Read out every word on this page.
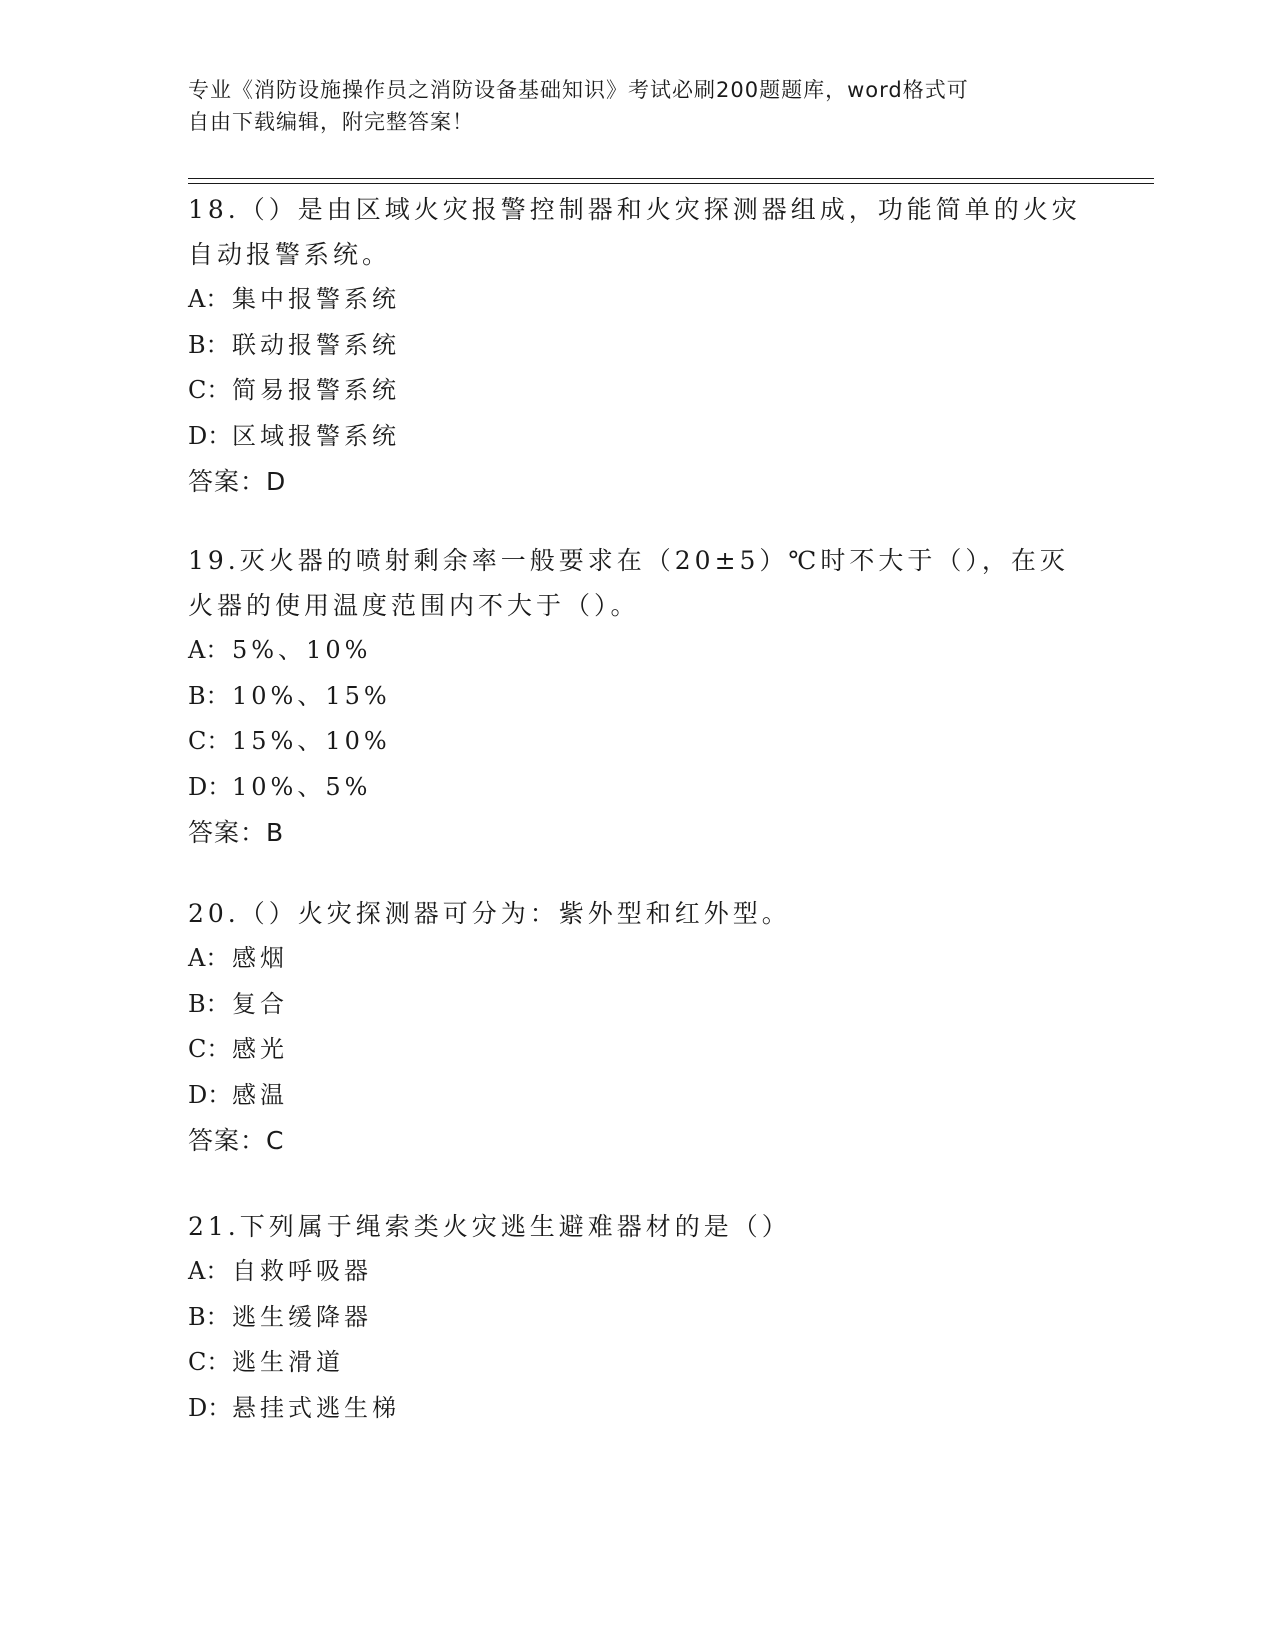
专业《消防设施操作员之消防设备基础知识》考试必刷200题题库，word格式可
自由下载编辑，附完整答案！
18.（）是由区域火灾报警控制器和火灾探测器组成，功能简单的火灾
自动报警系统。
A： 集中报警系统
B： 联动报警系统
C： 简易报警系统
D： 区域报警系统
答案：D
19.灭火器的喷射剩余率一般要求在（20±5）℃时不大于（），在灭
火器的使用温度范围内不大于（）。
A： 5%、10%
B： 10%、15%
C： 15%、10%
D： 10%、5%
答案：B
20.（）火灾探测器可分为：紫外型和红外型。
A： 感烟
B： 复合
C： 感光
D： 感温
答案：C
21.下列属于绳索类火灾逃生避难器材的是（）
A： 自救呼吸器
B： 逃生缓降器
C： 逃生滑道
D： 悬挂式逃生梯
